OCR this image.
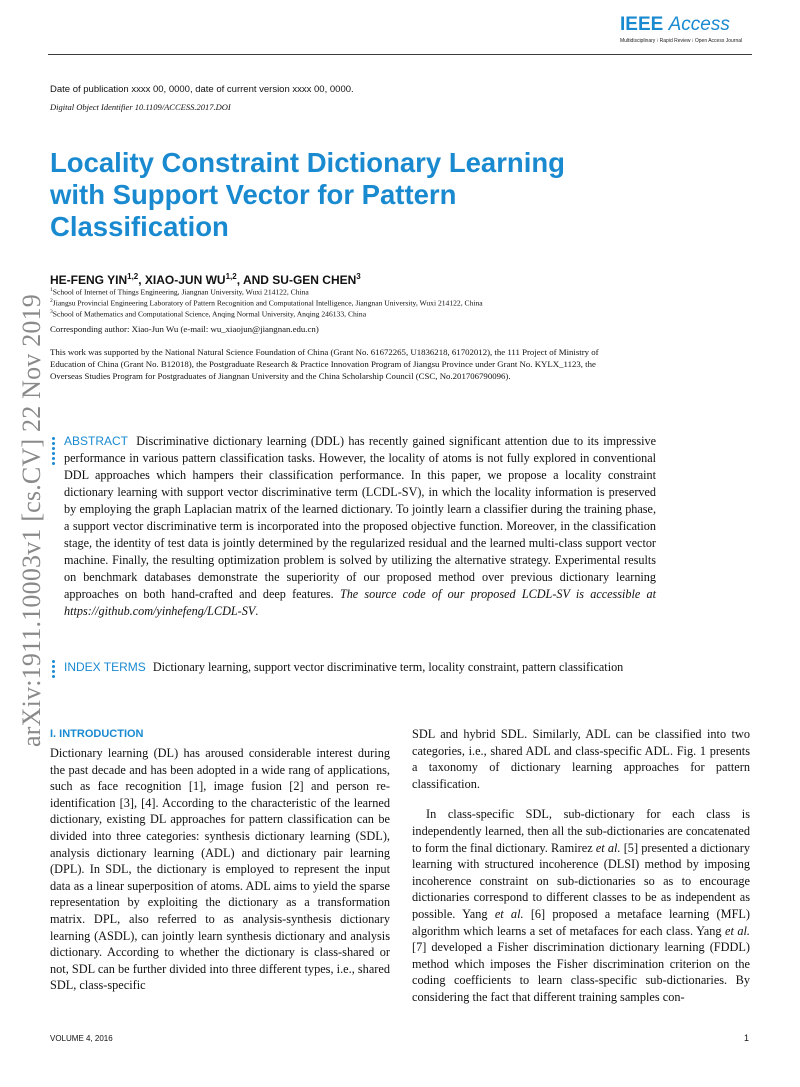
IEEE Access
Multidisciplinary ⁝ Rapid Review ⁝ Open Access Journal
Date of publication xxxx 00, 0000, date of current version xxxx 00, 0000.
Digital Object Identifier 10.1109/ACCESS.2017.DOI
Locality Constraint Dictionary Learning with Support Vector for Pattern Classification
arXiv:1911.10003v1 [cs.CV] 22 Nov 2019
HE-FENG YIN$^{1,2}$, XIAO-JUN WU$^{1,2}$, AND SU-GEN CHEN$^3$
$^1$School of Internet of Things Engineering, Jiangnan University, Wuxi 214122, China
$^2$Jiangsu Provincial Engineering Laboratory of Pattern Recognition and Computational Intelligence, Jiangnan University, Wuxi 214122, China
$^3$School of Mathematics and Computational Science, Anqing Normal University, Anqing 246133, China
Corresponding author: Xiao-Jun Wu (e-mail: wu_xiaojun@jiangnan.edu.cn)
This work was supported by the National Natural Science Foundation of China (Grant No. 61672265, U1836218, 61702012), the 111 Project of Ministry of Education of China (Grant No. B12018), the Postgraduate Research & Practice Innovation Program of Jiangsu Province under Grant No. KYLX_1123, the Overseas Studies Program for Postgraduates of Jiangnan University and the China Scholarship Council (CSC, No.201706790096).
ABSTRACT Discriminative dictionary learning (DDL) has recently gained significant attention due to its impressive performance in various pattern classification tasks. However, the locality of atoms is not fully explored in conventional DDL approaches which hampers their classification performance. In this paper, we propose a locality constraint dictionary learning with support vector discriminative term (LCDL-SV), in which the locality information is preserved by employing the graph Laplacian matrix of the learned dictionary. To jointly learn a classifier during the training phase, a support vector discriminative term is incorporated into the proposed objective function. Moreover, in the classification stage, the identity of test data is jointly determined by the regularized residual and the learned multi-class support vector machine. Finally, the resulting optimization problem is solved by utilizing the alternative strategy. Experimental results on benchmark databases demonstrate the superiority of our proposed method over previous dictionary learning approaches on both hand-crafted and deep features. The source code of our proposed LCDL-SV is accessible at https://github.com/yinhefeng/LCDL-SV.
INDEX TERMS Dictionary learning, support vector discriminative term, locality constraint, pattern classification
I. INTRODUCTION

Dictionary learning (DL) has aroused considerable interest during the past decade and has been adopted in a wide rang of applications, such as face recognition [1], image fusion [2] and person re-identification [3], [4]. According to the characteristic of the learned dictionary, existing DL approaches for pattern classification can be divided into three categories: synthesis dictionary learning (SDL), analysis dictionary learning (ADL) and dictionary pair learning (DPL). In SDL, the dictionary is employed to represent the input data as a linear superposition of atoms. ADL aims to yield the sparse representation by exploiting the dictionary as a transformation matrix. DPL, also referred to as analysis-synthesis dictionary learning (ASDL), can jointly learn synthesis dictionary and analysis dictionary. According to whether the dictionary is class-shared or not, SDL can be further divided into three different types, i.e., shared SDL, class-specific

SDL and hybrid SDL. Similarly, ADL can be classified into two categories, i.e., shared ADL and class-specific ADL. Fig. 1 presents a taxonomy of dictionary learning approaches for pattern classification.

In class-specific SDL, sub-dictionary for each class is independently learned, then all the sub-dictionaries are concatenated to form the final dictionary. Ramirez et al. [5] presented a dictionary learning with structured incoherence (DLSI) method by imposing incoherence constraint on sub-dictionaries so as to encourage dictionaries correspond to different classes to be as independent as possible. Yang et al. [6] proposed a metaface learning (MFL) algorithm which learns a set of metafaces for each class. Yang et al. [7] developed a Fisher discrimination dictionary learning (FDDL) method which imposes the Fisher discrimination criterion on the coding coefficients to learn class-specific sub-dictionaries. By considering the fact that different training samples con-

VOLUME 4, 2016	1
